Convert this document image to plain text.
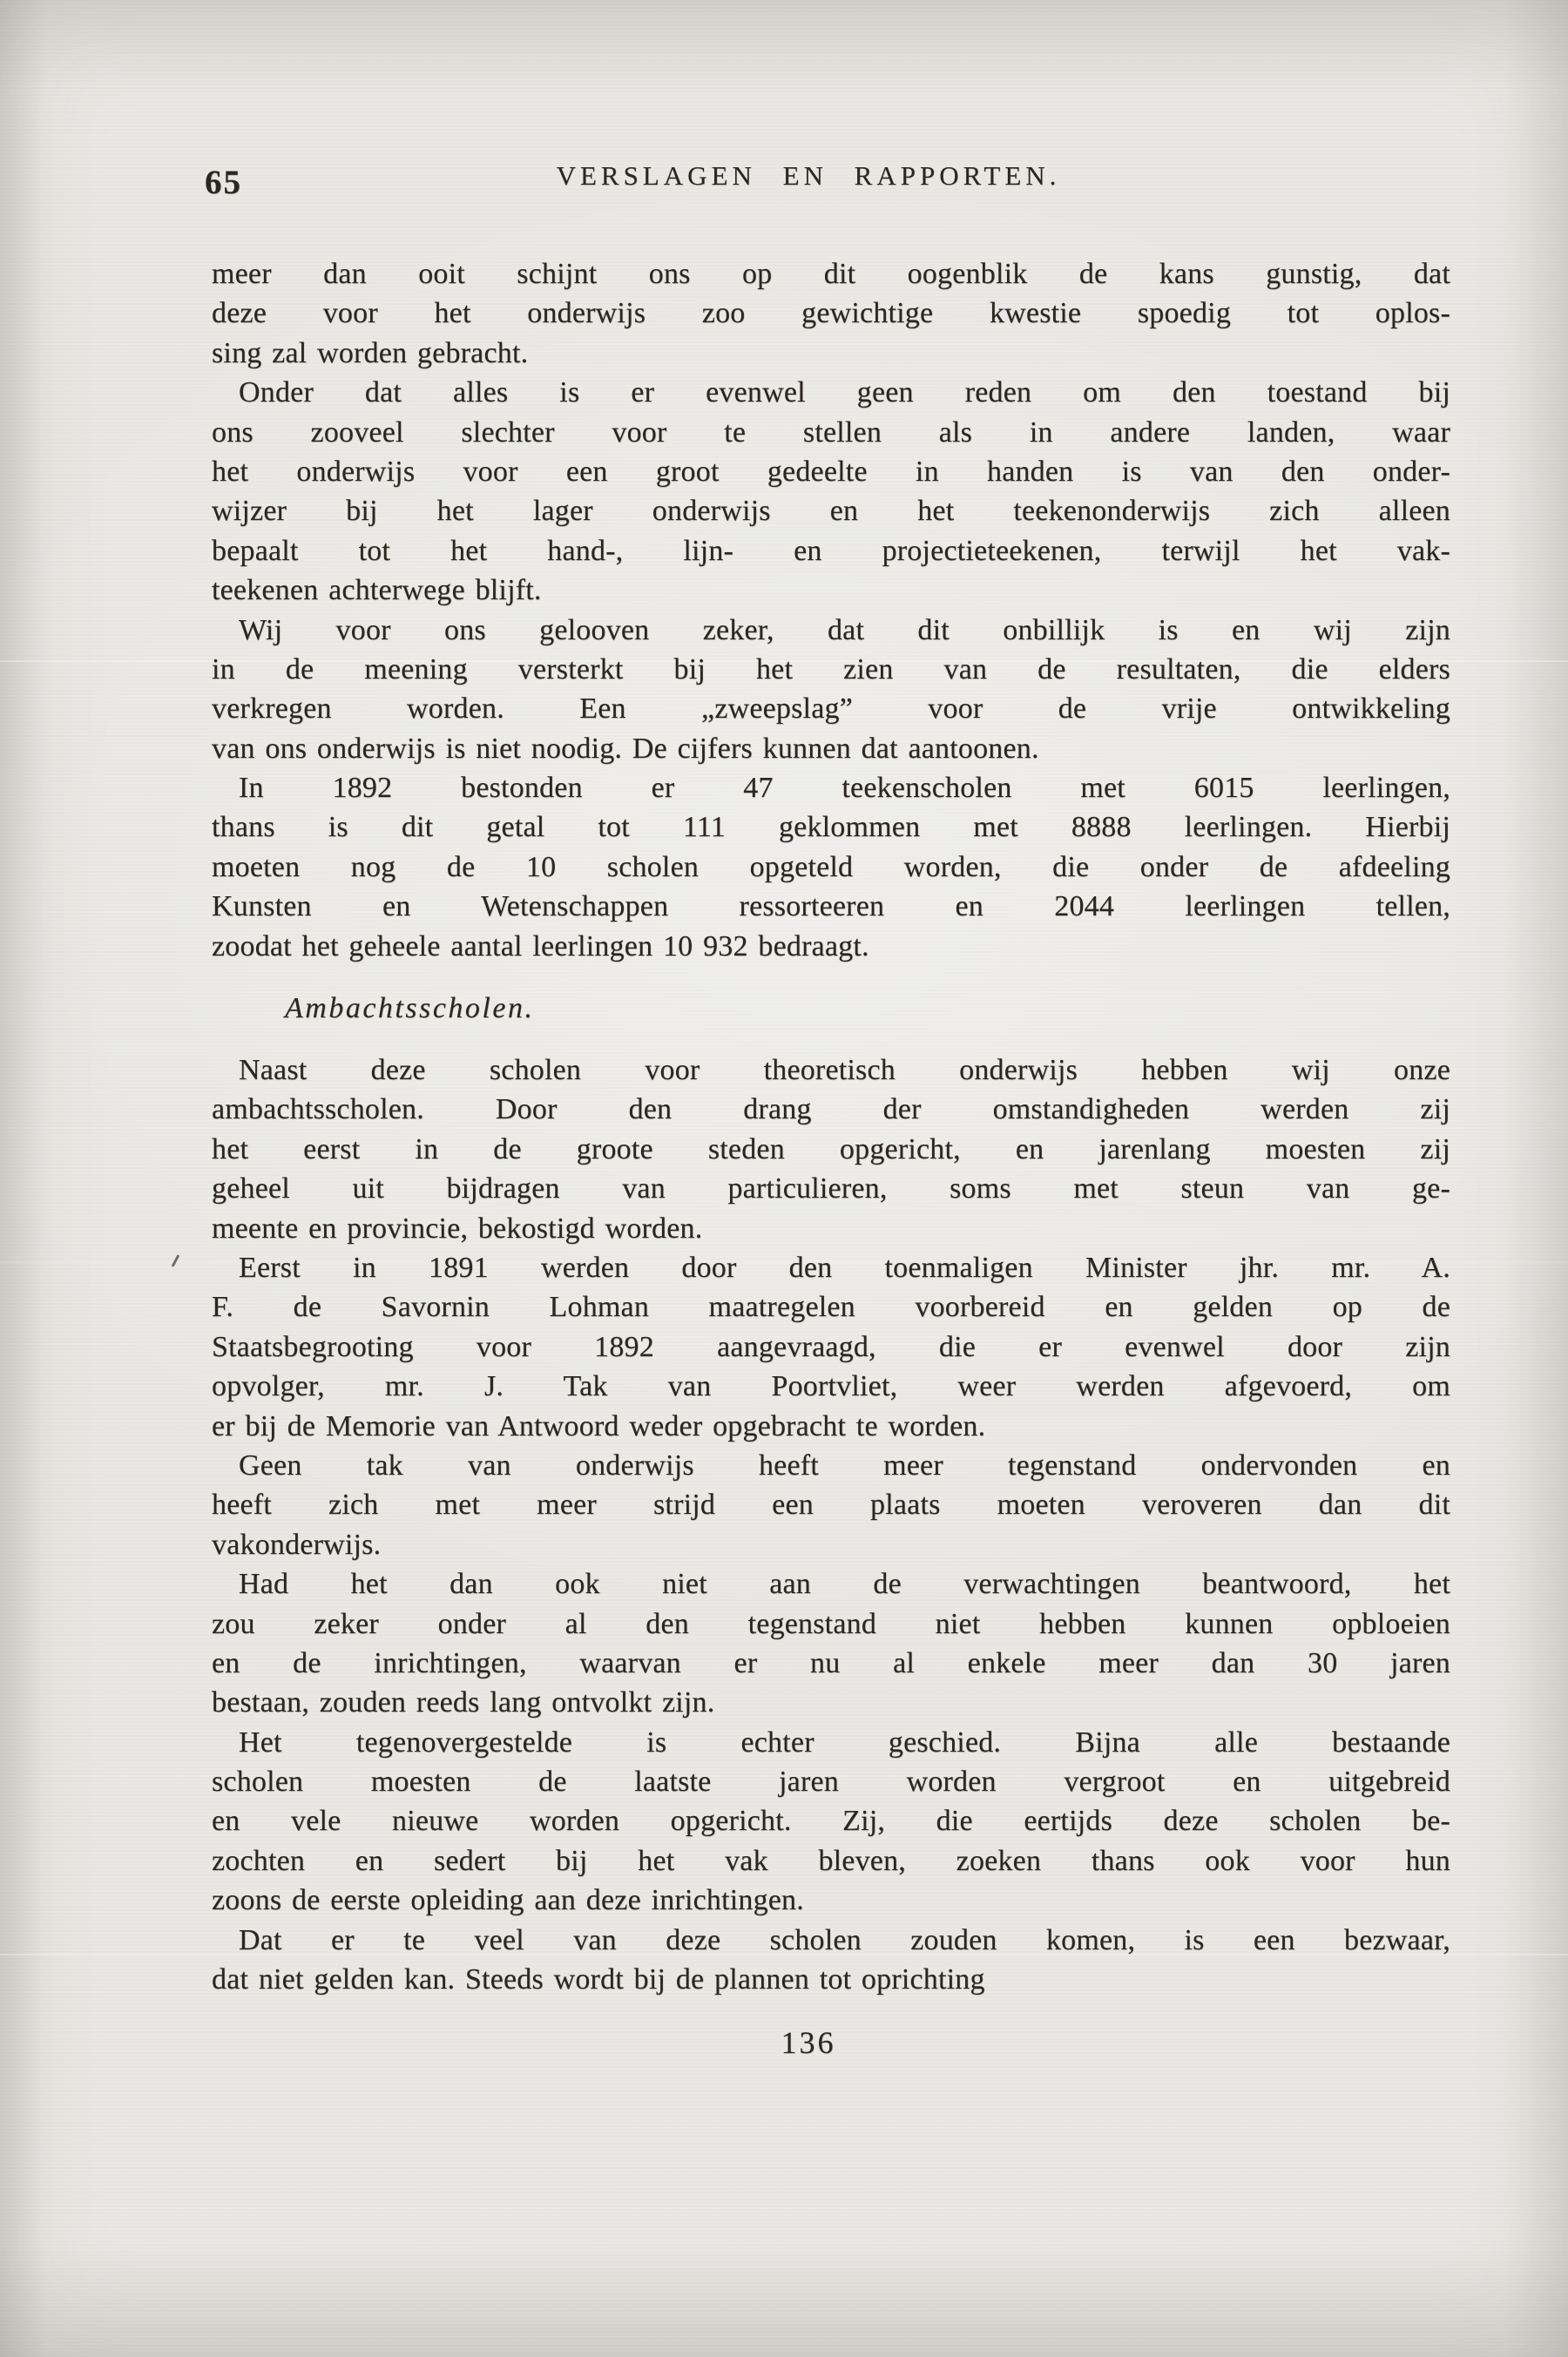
65	VERSLAGEN EN RAPPORTEN.
meer dan ooit schijnt ons op dit oogenblik de kans gunstig, dat
deze voor het onderwijs zoo gewichtige kwestie spoedig tot oplos-
sing zal worden gebracht.
Onder dat alles is er evenwel geen reden om den toestand bij
ons zooveel slechter voor te stellen als in andere landen, waar
het onderwijs voor een groot gedeelte in handen is van den onder-
wijzer bij het lager onderwijs en het teekenonderwijs zich alleen
bepaalt tot het hand-, lijn- en projectieteekenen, terwijl het vak-
teekenen achterwege blijft.
Wij voor ons gelooven zeker, dat dit onbillijk is en wij zijn
in de meening versterkt bij het zien van de resultaten, die elders
verkregen worden. Een „zweepslag” voor de vrije ontwikkeling
van ons onderwijs is niet noodig. De cijfers kunnen dat aantoonen.
In 1892 bestonden er 47 teekenscholen met 6015 leerlingen,
thans is dit getal tot 111 geklommen met 8888 leerlingen. Hierbij
moeten nog de 10 scholen opgeteld worden, die onder de afdeeling
Kunsten en Wetenschappen ressorteeren en 2044 leerlingen tellen,
zoodat het geheele aantal leerlingen 10 932 bedraagt.
Ambachtsscholen.
Naast deze scholen voor theoretisch onderwijs hebben wij onze
ambachtsscholen. Door den drang der omstandigheden werden zij
het eerst in de groote steden opgericht, en jarenlang moesten zij
geheel uit bijdragen van particulieren, soms met steun van ge-
meente en provincie, bekostigd worden.
Eerst in 1891 werden door den toenmaligen Minister jhr. mr. A.
F. de Savornin Lohman maatregelen voorbereid en gelden op de
Staatsbegrooting voor 1892 aangevraagd, die er evenwel door zijn
opvolger, mr. J. Tak van Poortvliet, weer werden afgevoerd, om
er bij de Memorie van Antwoord weder opgebracht te worden.
Geen tak van onderwijs heeft meer tegenstand ondervonden en
heeft zich met meer strijd een plaats moeten veroveren dan dit
vakonderwijs.
Had het dan ook niet aan de verwachtingen beantwoord, het
zou zeker onder al den tegenstand niet hebben kunnen opbloeien
en de inrichtingen, waarvan er nu al enkele meer dan 30 jaren
bestaan, zouden reeds lang ontvolkt zijn.
Het tegenovergestelde is echter geschied. Bijna alle bestaande
scholen moesten de laatste jaren worden vergroot en uitgebreid
en vele nieuwe worden opgericht. Zij, die eertijds deze scholen be-
zochten en sedert bij het vak bleven, zoeken thans ook voor hun
zoons de eerste opleiding aan deze inrichtingen.
Dat er te veel van deze scholen zouden komen, is een bezwaar,
dat niet gelden kan. Steeds wordt bij de plannen tot oprichting
136
